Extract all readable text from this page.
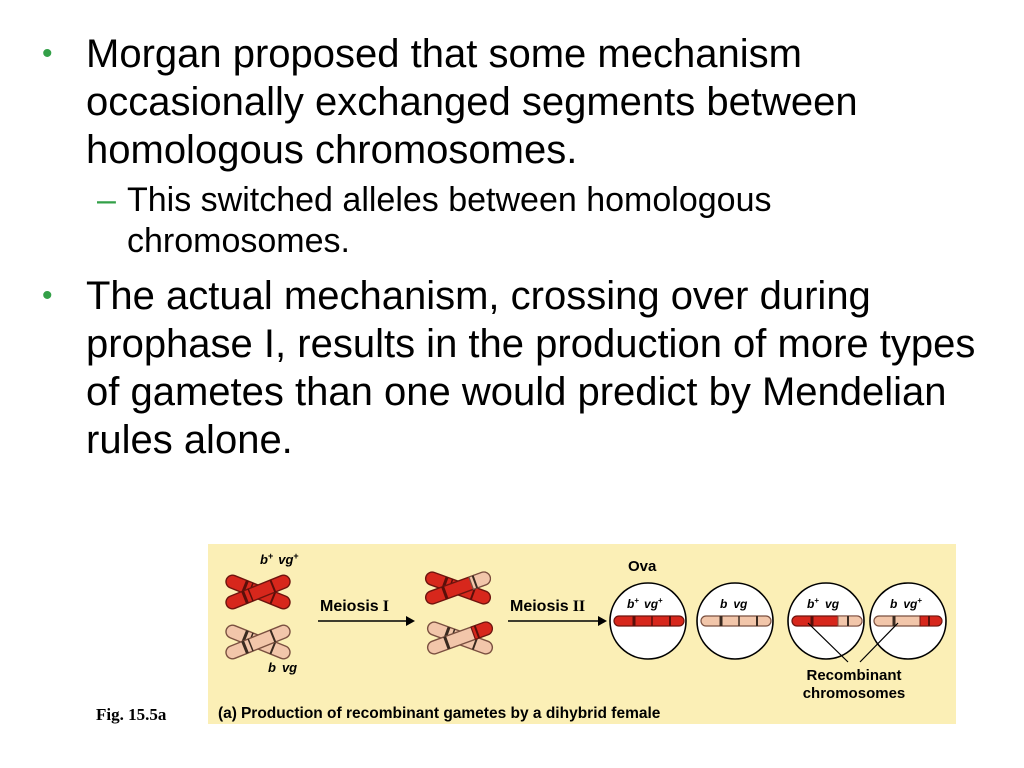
• Morgan proposed that some mechanism occasionally exchanged segments between homologous chromosomes.
– This switched alleles between homologous chromosomes.
• The actual mechanism, crossing over during prophase I, results in the production of more types of gametes than one would predict by Mendelian rules alone.
Fig. 15.5a
b+ vg+
b vg
Meiosis I	Meiosis II
Ova
b+ vg+	b vg	b+ vg	b vg+
Recombinant
chromosomes
(a) Production of recombinant gametes by a dihybrid female
